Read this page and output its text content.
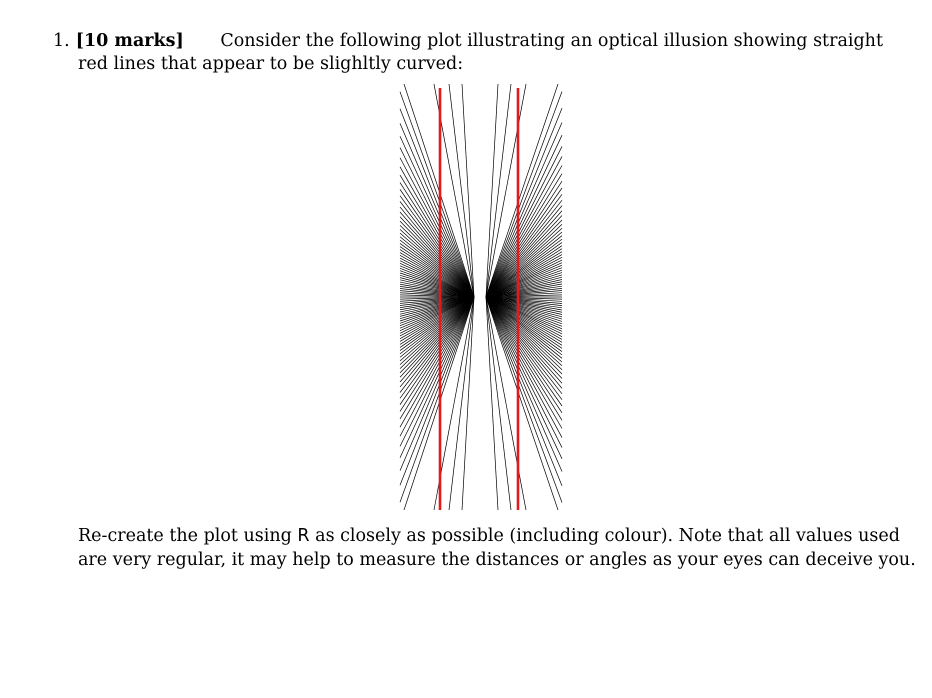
1. [10 marks] Consider the following plot illustrating an optical illusion showing straight
red lines that appear to be slighltly curved:
Re-create the plot using R as closely as possible (including colour). Note that all values used
are very regular, it may help to measure the distances or angles as your eyes can deceive you.
